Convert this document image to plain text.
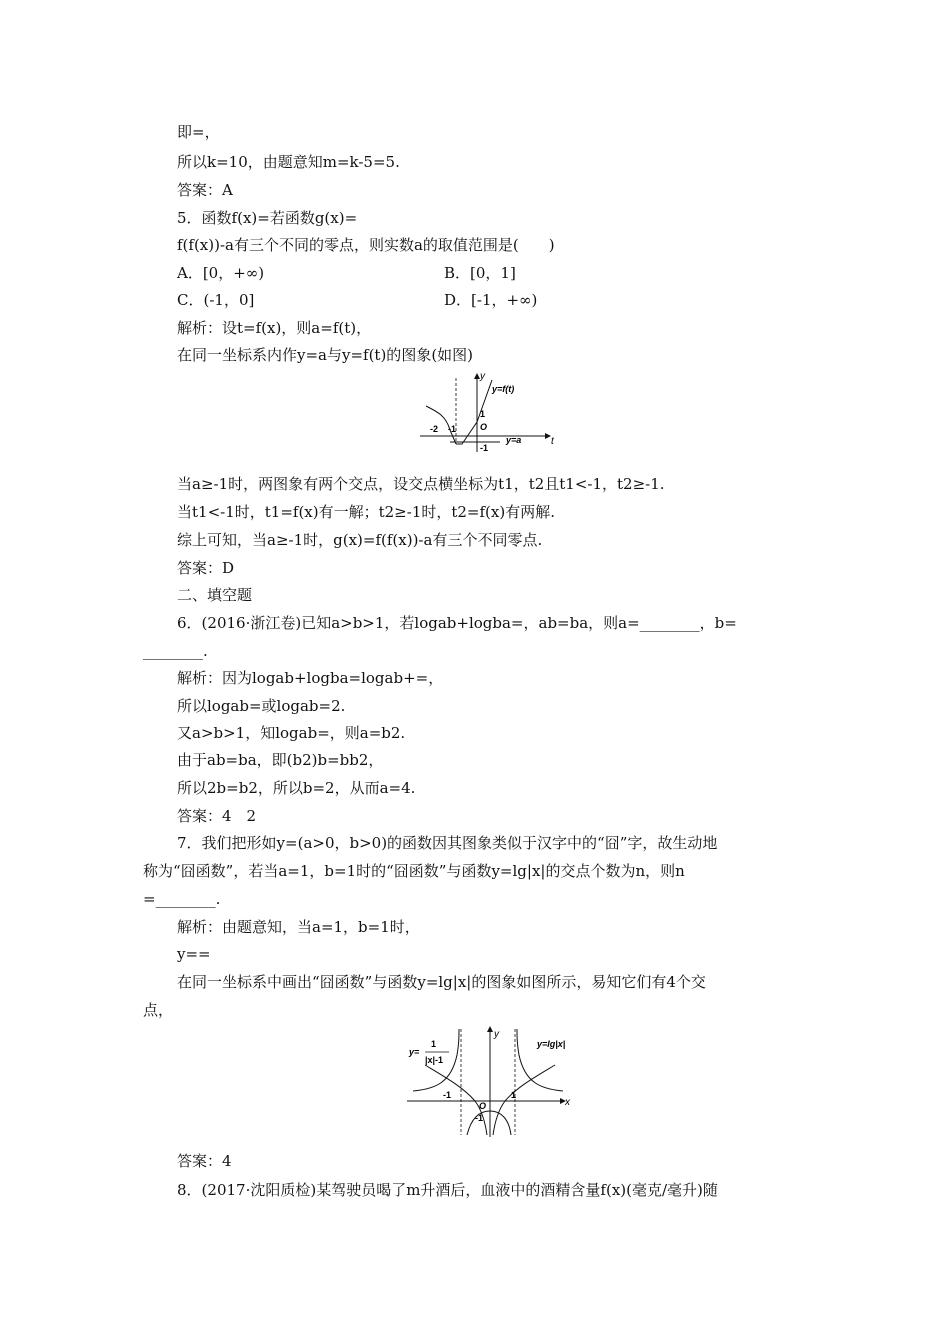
即=，
所以k=10，由题意知m=k-5=5.
答案：A
5．函数f(x)=若函数g(x)=
f(f(x))-a有三个不同的零点，则实数a的取值范围是(　　)
A．[0，+∞)	B．[0，1]
C．(-1，0]	D．[-1，+∞)
解析：设t=f(x)，则a=f(t)，
在同一坐标系内作y=a与y=f(t)的图象(如图)
y
t
y=f(t)
y=a
1
O
-1
-2 -1
当a≥-1时，两图象有两个交点，设交点横坐标为t1，t2且t1<-1，t2≥-1.
当t1<-1时，t1=f(x)有一解；t2≥-1时，t2=f(x)有两解.
综上可知，当a≥-1时，g(x)=f(f(x))-a有三个不同零点.
答案：D
二、填空题
6．(2016·浙江卷)已知a>b>1，若logab+logba=，ab=ba，则a=________，b=
________.
解析：因为logab+logba=logab+=，
所以logab=或logab=2.
又a>b>1，知logab=，则a=b2.
由于ab=ba，即(b2)b=bb2，
所以2b=b2，所以b=2，从而a=4.
答案：4　2
7．我们把形如y=(a>0，b>0)的函数因其图象类似于汉字中的“囧”字，故生动地
称为“囧函数”，若当a=1，b=1时的“囧函数”与函数y=lg|x|的交点个数为n，则n
=________.
解析：由题意知，当a=1，b=1时，
y==
在同一坐标系中画出“囧函数”与函数y=lg|x|的图象如图所示，易知它们有4个交
点，
y
x
y=
1
|x|-1
y=lg|x|
-1
O
1
-1
答案：4
8．(2017·沈阳质检)某驾驶员喝了m升酒后，血液中的酒精含量f(x)(毫克/毫升)随
